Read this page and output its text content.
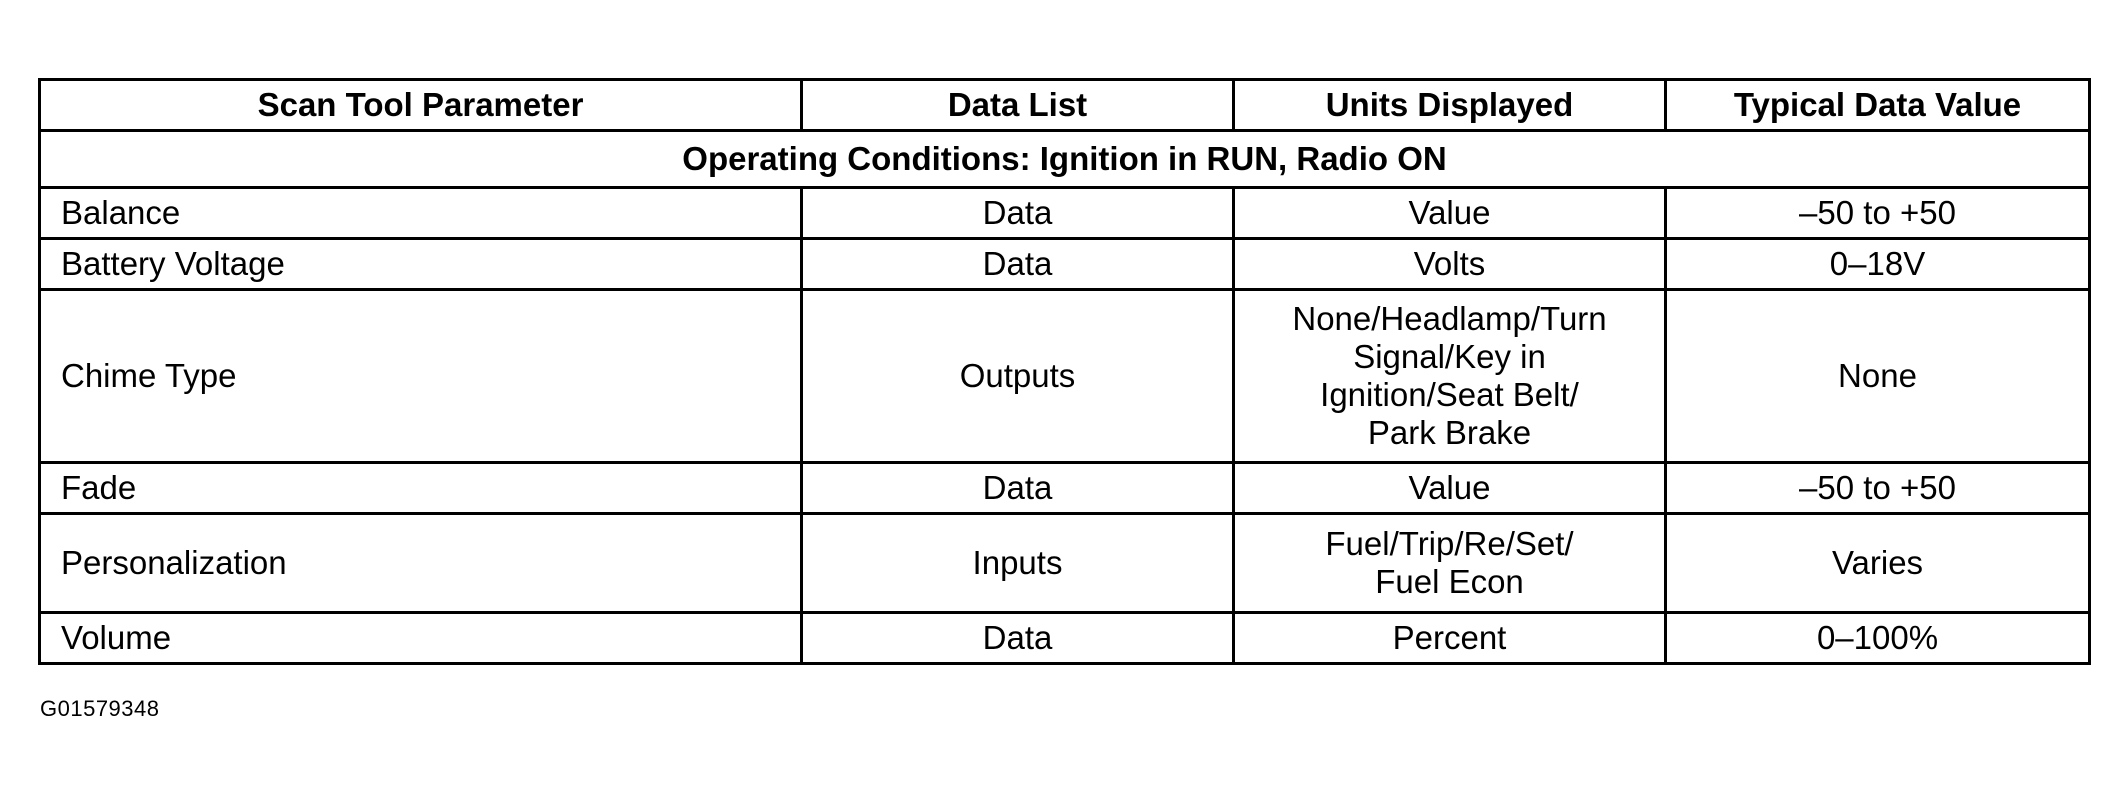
Scan Tool Parameter	Data List	Units Displayed	Typical Data Value
Operating Conditions: Ignition in RUN, Radio ON			
Balance	Data	Value	–50 to +50
Battery Voltage	Data	Volts	0–18V
Chime Type	Outputs	None/Headlamp/Turn Signal/Key in Ignition/Seat Belt/ Park Brake	None
Fade	Data	Value	–50 to +50
Personalization	Inputs	Fuel/Trip/Re/Set/ Fuel Econ	Varies
Volume	Data	Percent	0–100%
G01579348
